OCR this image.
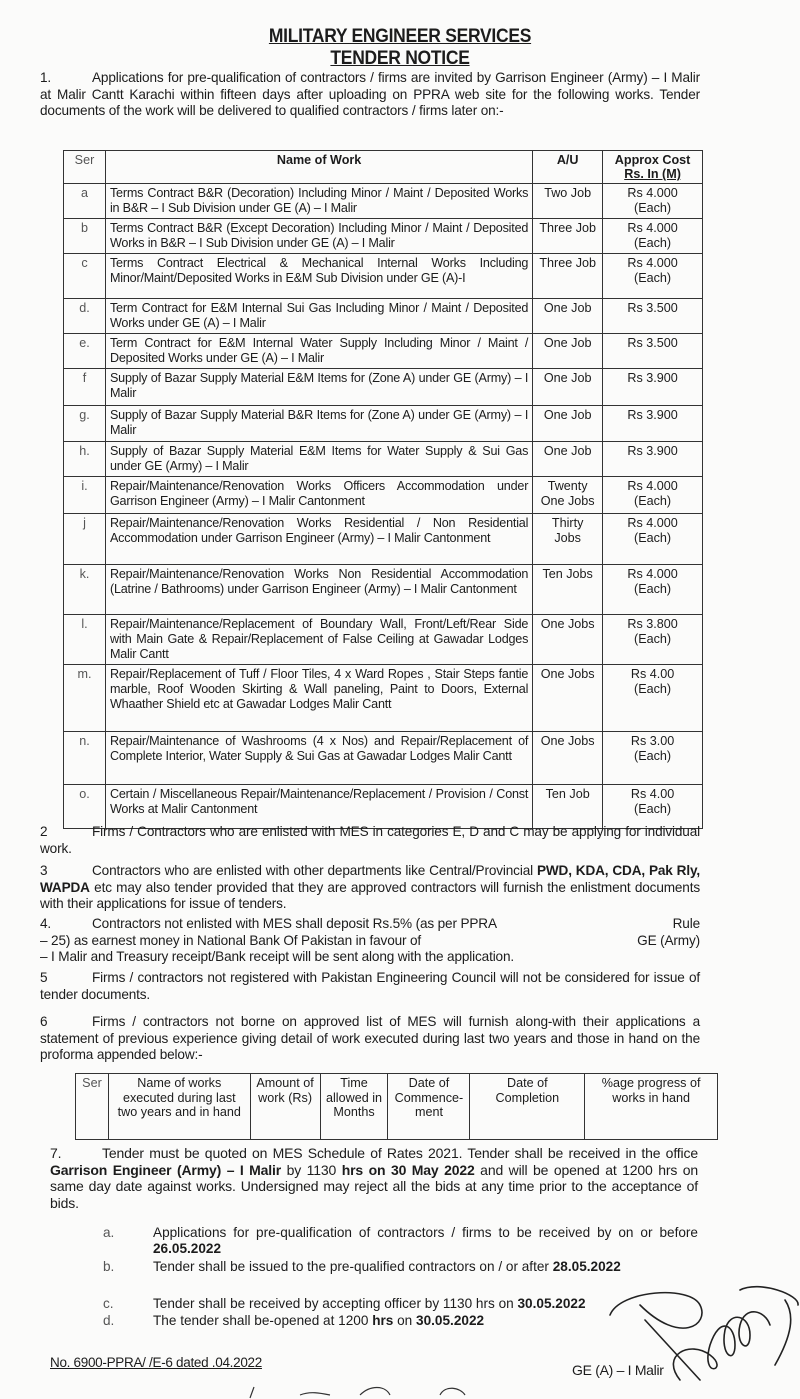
MILITARY ENGINEER SERVICES
TENDER NOTICE
1.	Applications for pre-qualification of contractors / firms are invited by Garrison Engineer (Army) – I Malir at Malir Cantt Karachi within fifteen days after uploading on PPRA web site for the following works. Tender documents of the work will be delivered to qualified contractors / firms later on:-
Ser	Name of Work	A/U	Approx Cost
Rs. In (M)

a	Terms Contract B&R (Decoration) Including Minor / Maint / Deposited Works in B&R – I Sub Division under GE (A) – I Malir	Two Job	Rs 4.000
(Each)

b	Terms Contract B&R (Except Decoration) Including Minor / Maint / Deposited Works in B&R – I Sub Division under GE (A) – I Malir	Three Job	Rs 4.000
(Each)

c	Terms Contract Electrical & Mechanical Internal Works Including Minor/Maint/Deposited Works in E&M Sub Division under GE (A)-I	Three Job	Rs 4.000
(Each)

d.	Term Contract for E&M Internal Sui Gas Including Minor / Maint / Deposited Works under GE (A) – I Malir	One Job	Rs 3.500

e.	Term Contract for E&M Internal Water Supply Including Minor / Maint / Deposited Works under GE (A) – I Malir	One Job	Rs 3.500

f	Supply of Bazar Supply Material E&M Items for (Zone A) under GE (Army) – I Malir	One Job	Rs 3.900

g.	Supply of Bazar Supply Material B&R Items for (Zone A) under GE (Army) – I Malir	One Job	Rs 3.900

h.	Supply of Bazar Supply Material E&M Items for Water Supply & Sui Gas under GE (Army) – I Malir	One Job	Rs 3.900

i.	Repair/Maintenance/Renovation Works Officers Accommodation under Garrison Engineer (Army) – I Malir Cantonment	Twenty One Jobs	Rs 4.000
(Each)

j	Repair/Maintenance/Renovation Works Residential / Non Residential Accommodation under Garrison Engineer (Army) – I Malir Cantonment	Thirty Jobs	Rs 4.000
(Each)

k.	Repair/Maintenance/Renovation Works Non Residential Accommodation (Latrine / Bathrooms) under Garrison Engineer (Army) – I Malir Cantonment	Ten Jobs	Rs 4.000
(Each)

l.	Repair/Maintenance/Replacement of Boundary Wall, Front/Left/Rear Side with Main Gate & Repair/Replacement of False Ceiling at Gawadar Lodges Malir Cantt	One Jobs	Rs 3.800
(Each)

m.	Repair/Replacement of Tuff / Floor Tiles, 4 x Ward Ropes , Stair Steps fantie marble, Roof Wooden Skirting & Wall paneling, Paint to Doors, External Whaather Shield etc at Gawadar Lodges Malir Cantt	One Jobs	Rs 4.00
(Each)

n.	Repair/Maintenance of Washrooms (4 x Nos) and Repair/Replacement of Complete Interior, Water Supply & Sui Gas at Gawadar Lodges Malir Cantt	One Jobs	Rs 3.00
(Each)

o.	Certain / Miscellaneous Repair/Maintenance/Replacement / Provision / Const Works at Malir Cantonment	Ten Job	Rs 4.00
(Each)
2	Firms / Contractors who are enlisted with MES in categories E, D and C may be applying for individual work.
3	Contractors who are enlisted with other departments like Central/Provincial PWD, KDA, CDA, Pak Rly, WAPDA etc may also tender provided that they are approved contractors will furnish the enlistment documents with their applications for issue of tenders.
4.	Contractors not enlisted with MES shall deposit Rs.5% (as per PPRA	Rule
– 25) as earnest money in National Bank Of Pakistan in favour of	GE (Army)
– I Malir and Treasury receipt/Bank receipt will be sent along with the application.
5	Firms / contractors not registered with Pakistan Engineering Council will not be considered for issue of tender documents.
6	Firms / contractors not borne on approved list of MES will furnish along-with their applications a statement of previous experience giving detail of work executed during last two years and those in hand on the proforma appended below:-
Ser	Name of works executed during last two years and in hand	Amount of work (Rs)	Time allowed in Months	Date of Commence-ment	Date of Completion	%age progress of works in hand
7.	Tender must be quoted on MES Schedule of Rates 2021. Tender shall be received in the office Garrison Engineer (Army) – I Malir by 1130 hrs on 30 May 2022 and will be opened at 1200 hrs on same day date against works. Undersigned may reject all the bids at any time prior to the acceptance of bids.
a.	Applications for pre-qualification of contractors / firms to be received by on or before 26.05.2022
b.	Tender shall be issued to the pre-qualified contractors on / or after 28.05.2022
c.	Tender shall be received by accepting officer by 1130 hrs on 30.05.2022
d.	The tender shall be-opened at 1200 hrs on 30.05.2022
No. 6900-PPRA/ /E-6 dated .04.2022	GE (A) – I Malir
